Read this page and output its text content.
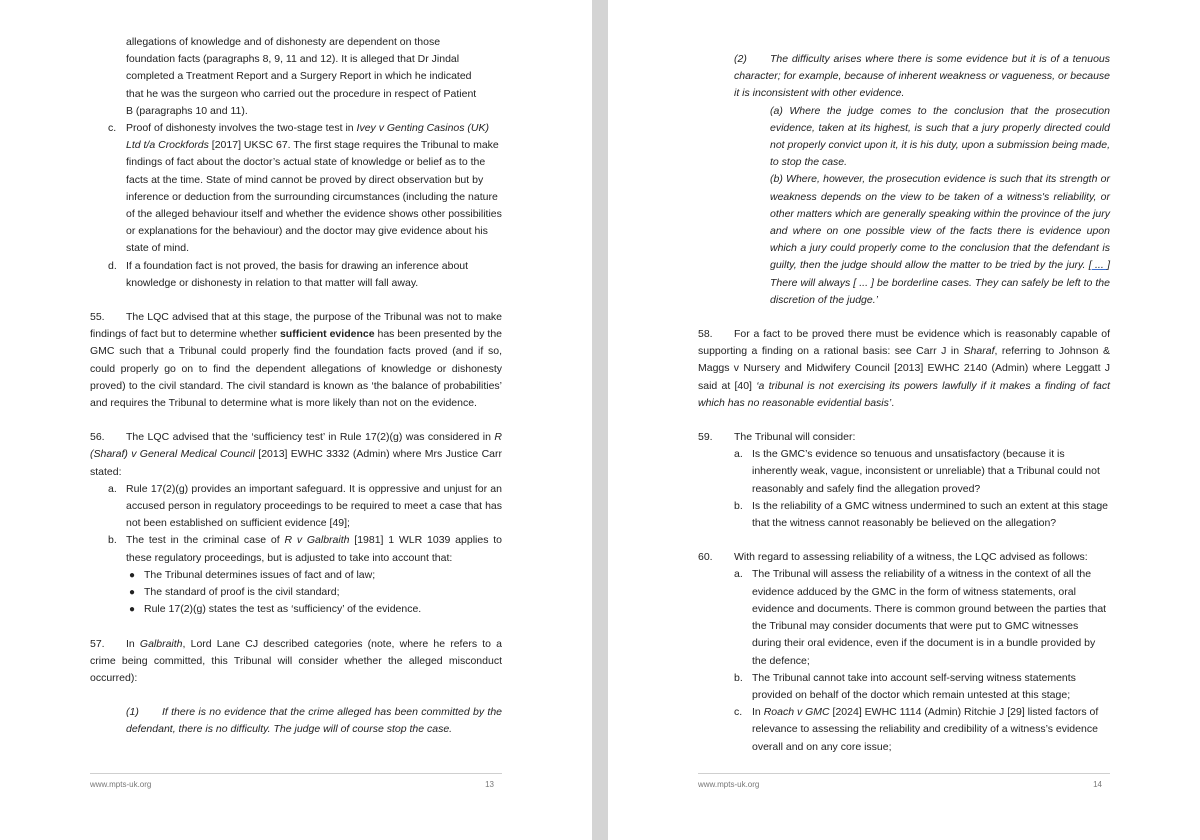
allegations of knowledge and of dishonesty are dependent on those
foundation facts (paragraphs 8, 9, 11 and 12). It is alleged that Dr Jindal
completed a Treatment Report and a Surgery Report in which he indicated
that he was the surgeon who carried out the procedure in respect of Patient
B (paragraphs 10 and 11).
c. Proof of dishonesty involves the two-stage test in Ivey v Genting Casinos (UK) Ltd t/a Crockfords [2017] UKSC 67. The first stage requires the Tribunal to make findings of fact about the doctor’s actual state of knowledge or belief as to the facts at the time. State of mind cannot be proved by direct observation but by inference or deduction from the surrounding circumstances (including the nature of the alleged behaviour itself and whether the evidence shows other possibilities or explanations for the behaviour) and the doctor may give evidence about his state of mind.
d. If a foundation fact is not proved, the basis for drawing an inference about knowledge or dishonesty in relation to that matter will fall away.

55. The LQC advised that at this stage, the purpose of the Tribunal was not to make findings of fact but to determine whether sufficient evidence has been presented by the GMC such that a Tribunal could properly find the foundation facts proved (and if so, could properly go on to find the dependent allegations of knowledge or dishonesty proved) to the civil standard. The civil standard is known as ‘the balance of probabilities’ and requires the Tribunal to determine what is more likely than not on the evidence.

56. The LQC advised that the ‘sufficiency test’ in Rule 17(2)(g) was considered in R (Sharaf) v General Medical Council [2013] EWHC 3332 (Admin) where Mrs Justice Carr stated:

a. Rule 17(2)(g) provides an important safeguard. It is oppressive and unjust for an accused person in regulatory proceedings to be required to meet a case that has not been established on sufficient evidence [49];
b. The test in the criminal case of R v Galbraith [1981] 1 WLR 1039 applies to these regulatory proceedings, but is adjusted to take into account that:
● The Tribunal determines issues of fact and of law;
● The standard of proof is the civil standard;
● Rule 17(2)(g) states the test as ‘sufficiency’ of the evidence.

57. In Galbraith, Lord Lane CJ described categories (note, where he refers to a crime being committed, this Tribunal will consider whether the alleged misconduct occurred):

(1) If there is no evidence that the crime alleged has been committed by the defendant, there is no difficulty. The judge will of course stop the case.

www.mpts-uk.org	13

(2) The difficulty arises where there is some evidence but it is of a tenuous character; for example, because of inherent weakness or vagueness, or because it is inconsistent with other evidence.

(a) Where the judge comes to the conclusion that the prosecution evidence, taken at its highest, is such that a jury properly directed could not properly convict upon it, it is his duty, upon a submission being made, to stop the case.

(b) Where, however, the prosecution evidence is such that its strength or weakness depends on the view to be taken of a witness's reliability, or other matters which are generally speaking within the province of the jury and where on one possible view of the facts there is evidence upon which a jury could properly come to the conclusion that the defendant is guilty, then the judge should allow the matter to be tried by the jury. [ ... ] There will always [ ... ] be borderline cases. They can safely be left to the discretion of the judge.’

58. For a fact to be proved there must be evidence which is reasonably capable of supporting a finding on a rational basis: see Carr J in Sharaf, referring to Johnson & Maggs v Nursery and Midwifery Council [2013] EWHC 2140 (Admin) where Leggatt J said at [40] ‘a tribunal is not exercising its powers lawfully if it makes a finding of fact which has no reasonable evidential basis’.

59. The Tribunal will consider:

a. Is the GMC’s evidence so tenuous and unsatisfactory (because it is inherently weak, vague, inconsistent or unreliable) that a Tribunal could not reasonably and safely find the allegation proved?
b. Is the reliability of a GMC witness undermined to such an extent at this stage that the witness cannot reasonably be believed on the allegation?

60. With regard to assessing reliability of a witness, the LQC advised as follows:

a. The Tribunal will assess the reliability of a witness in the context of all the evidence adduced by the GMC in the form of witness statements, oral evidence and documents. There is common ground between the parties that the Tribunal may consider documents that were put to GMC witnesses during their oral evidence, even if the document is in a bundle provided by the defence;
b. The Tribunal cannot take into account self-serving witness statements provided on behalf of the doctor which remain untested at this stage;
c. In Roach v GMC [2024] EWHC 1114 (Admin) Ritchie J [29] listed factors of relevance to assessing the reliability and credibility of a witness’s evidence overall and on any core issue;
www.mpts-uk.org	14
